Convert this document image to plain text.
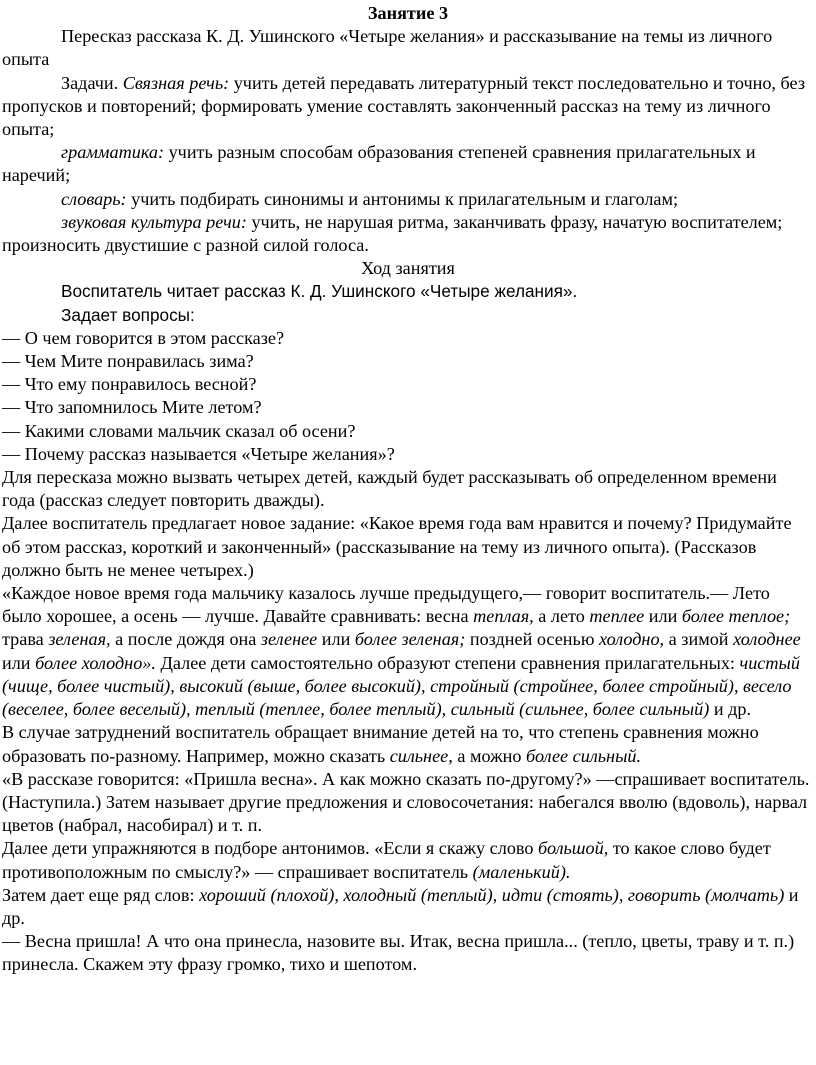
Занятие 3

Пересказ рассказа К. Д. Ушинского «Четыре желания» и рассказывание на темы из личного опыта

Задачи. Связная речь: учить детей передавать литературный текст последовательно и точно, без пропусков и повторений; формировать умение составлять законченный рассказ на тему из личного опыта;

грамматика: учить разным способам образования степеней сравнения прилагательных и наречий;

словарь: учить подбирать синонимы и антонимы к прилагательным и глаголам;

звуковая культура речи: учить, не нарушая ритма, заканчивать фразу, начатую воспитателем; произносить двустишие с разной силой голоса.

Ход занятия

Воспитатель читает рассказ К. Д. Ушинского «Четыре желания».

Задает вопросы:

— О чем говорится в этом рассказе?

— Чем Мите понравилась зима?

— Что ему понравилось весной?

— Что запомнилось Мите летом?

— Какими словами мальчик сказал об осени?

— Почему рассказ называется «Четыре желания»?

Для пересказа можно вызвать четырех детей, каждый будет рассказывать об определенном времени года (рассказ следует повторить дважды).

Далее воспитатель предлагает новое задание: «Какое время года вам нравится и почему? Придумайте об этом рассказ, короткий и законченный» (рассказывание на тему из личного опыта). (Рассказов должно быть не менее четырех.)

«Каждое новое время года мальчику казалось лучше предыдущего,— говорит воспитатель.— Лето было хорошее, а осень — лучше. Давайте сравнивать: весна теплая, а лето теплее или более теплое; трава зеленая, а после дождя она зеленее или более зеленая; поздней осенью холодно, а зимой холоднее или более холодно». Далее дети самостоятельно образуют степени сравнения прилагательных: чистый (чище, более чистый), высокий (выше, более высокий), стройный (стройнее, более стройный), весело (веселее, более веселый), теплый (теплее, более теплый), сильный (сильнее, более сильный) и др.

В случае затруднений воспитатель обращает внимание детей на то, что степень сравнения можно образовать по-разному. Например, можно сказать сильнее, а можно более сильный.

«В рассказе говорится: «Пришла весна». А как можно сказать по-другому?» —спрашивает воспитатель. (Наступила.) Затем называет другие предложения и словосочетания: набегался вволю (вдоволь), нарвал цветов (набрал, насобирал) и т. п.

Далее дети упражняются в подборе антонимов. «Если я скажу слово большой, то какое слово будет противоположным по смыслу?» — спрашивает воспитатель (маленький).

Затем дает еще ряд слов: хороший (плохой), холодный (теплый), идти (стоять), говорить (молчать) и др.

— Весна пришла! А что она принесла, назовите вы. Итак, весна пришла... (тепло, цветы, траву и т. п.) принесла. Скажем эту фразу громко, тихо и шепотом.
